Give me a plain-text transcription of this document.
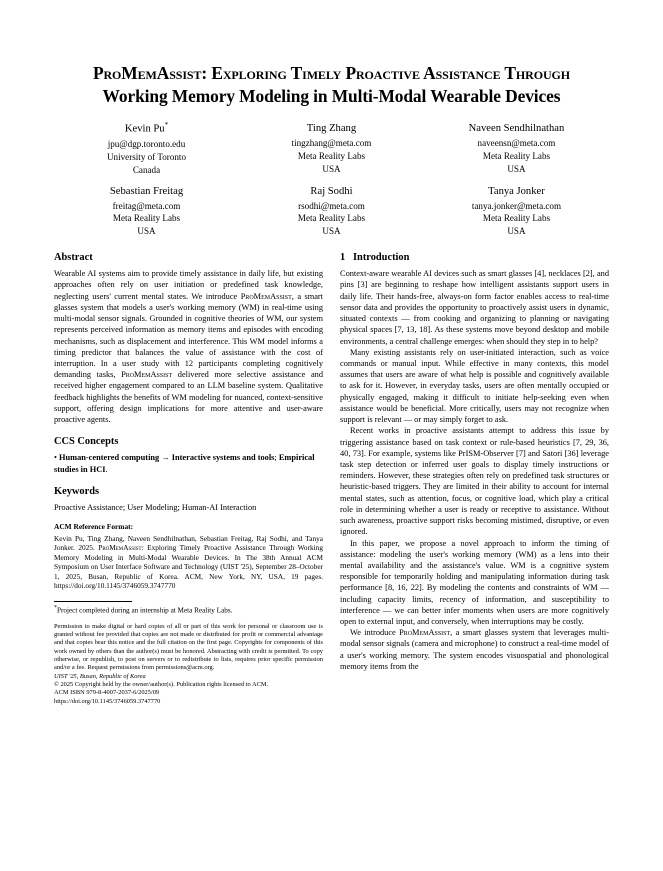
ProMemAssist: Exploring Timely Proactive Assistance Through
Working Memory Modeling in Multi-Modal Wearable Devices
Kevin Pu*
jpu@dgp.toronto.edu
University of Toronto
Canada
Ting Zhang
tingzhang@meta.com
Meta Reality Labs
USA
Naveen Sendhilnathan
naveensn@meta.com
Meta Reality Labs
USA
Sebastian Freitag
freitag@meta.com
Meta Reality Labs
USA
Raj Sodhi
rsodhi@meta.com
Meta Reality Labs
USA
Tanya Jonker
tanya.jonker@meta.com
Meta Reality Labs
USA
Abstract

Wearable AI systems aim to provide timely assistance in daily life, but existing approaches often rely on user initiation or predefined task knowledge, neglecting users' current mental states. We introduce ProMemAssist, a smart glasses system that models a user's working memory (WM) in real-time using multi-modal sensor signals. Grounded in cognitive theories of WM, our system represents perceived information as memory items and episodes with encoding mechanisms, such as displacement and interference. This WM model informs a timing predictor that balances the value of assistance with the cost of interruption. In a user study with 12 participants completing cognitively demanding tasks, ProMemAssist delivered more selective assistance and received higher engagement compared to an LLM baseline system. Qualitative feedback highlights the benefits of WM modeling for nuanced, context-sensitive support, offering design implications for more attentive and user-aware proactive agents.

CCS Concepts
• Human-centered computing → Interactive systems and tools; Empirical studies in HCI.
Keywords
Proactive Assistance; User Modeling; Human-AI Interaction
ACM Reference Format:
Kevin Pu, Ting Zhang, Naveen Sendhilnathan, Sebastian Freitag, Raj Sodhi, and Tanya Jonker. 2025. ProMemAssist: Exploring Timely Proactive Assistance Through Working Memory Modeling in Multi-Modal Wearable Devices. In The 38th Annual ACM Symposium on User Interface Software and Technology (UIST '25), September 28–October 1, 2025, Busan, Republic of Korea. ACM, New York, NY, USA, 19 pages. https://doi.org/10.1145/3746059.3747770
*Project completed during an internship at Meta Reality Labs.
Permission to make digital or hard copies of all or part of this work for personal or classroom use is granted without fee provided that copies are not made or distributed for profit or commercial advantage and that copies bear this notice and the full citation on the first page. Copyrights for components of this work owned by others than the author(s) must be honored. Abstracting with credit is permitted. To copy otherwise, or republish, to post on servers or to redistribute to lists, requires prior specific permission and/or a fee. Request permissions from permissions@acm.org.
UIST '25, Busan, Republic of Korea
© 2025 Copyright held by the owner/author(s). Publication rights licensed to ACM.
ACM ISBN 979-8-4007-2037-6/2025/09
https://doi.org/10.1145/3746059.3747770
1 Introduction

Context-aware wearable AI devices such as smart glasses [4], necklaces [2], and pins [3] are beginning to reshape how intelligent assistants support users in daily life. Their hands-free, always-on form factor enables access to real-time sensor data and provides the opportunity to proactively assist users in dynamic, situated contexts — from cooking and organizing to planning or navigating physical spaces [7, 13, 18]. As these systems move beyond desktop and mobile environments, a central challenge emerges: when should they step in to help?

Many existing assistants rely on user-initiated interaction, such as voice commands or manual input. While effective in many contexts, this model assumes that users are aware of what help is possible and cognitively available to ask for it. However, in everyday tasks, users are often mentally occupied or physically engaged, making it difficult to initiate help-seeking even when assistance would be beneficial. More critically, users may not recognize when support is relevant — or may simply forget to ask.

Recent works in proactive assistants attempt to address this issue by triggering assistance based on task context or rule-based heuristics [7, 29, 36, 40, 73]. For example, systems like PrISM-Observer [7] and Satori [36] leverage task step detection or inferred user goals to display timely instructions or reminders. However, these strategies often rely on predefined task structures or heuristic-based triggers. They are limited in their ability to account for internal mental states, such as attention, focus, or cognitive load, which play a critical role in determining whether a user is ready or receptive to assistance. Without such awareness, proactive support risks becoming mistimed, disruptive, or even ignored.

In this paper, we propose a novel approach to inform the timing of assistance: modeling the user's working memory (WM) as a lens into their mental availability and the assistance's value. WM is a cognitive system responsible for temporarily holding and manipulating information during task performance [8, 16, 22]. By modeling the contents and constraints of WM — including capacity limits, recency of information, and susceptibility to interference — we can better infer moments when users are more cognitively open to external input, and conversely, when interruptions may be costly.

We introduce ProMemAssist, a smart glasses system that leverages multi-modal sensor signals (camera and microphone) to construct a real-time model of a user's working memory. The system encodes visuospatial and phonological memory items from the
